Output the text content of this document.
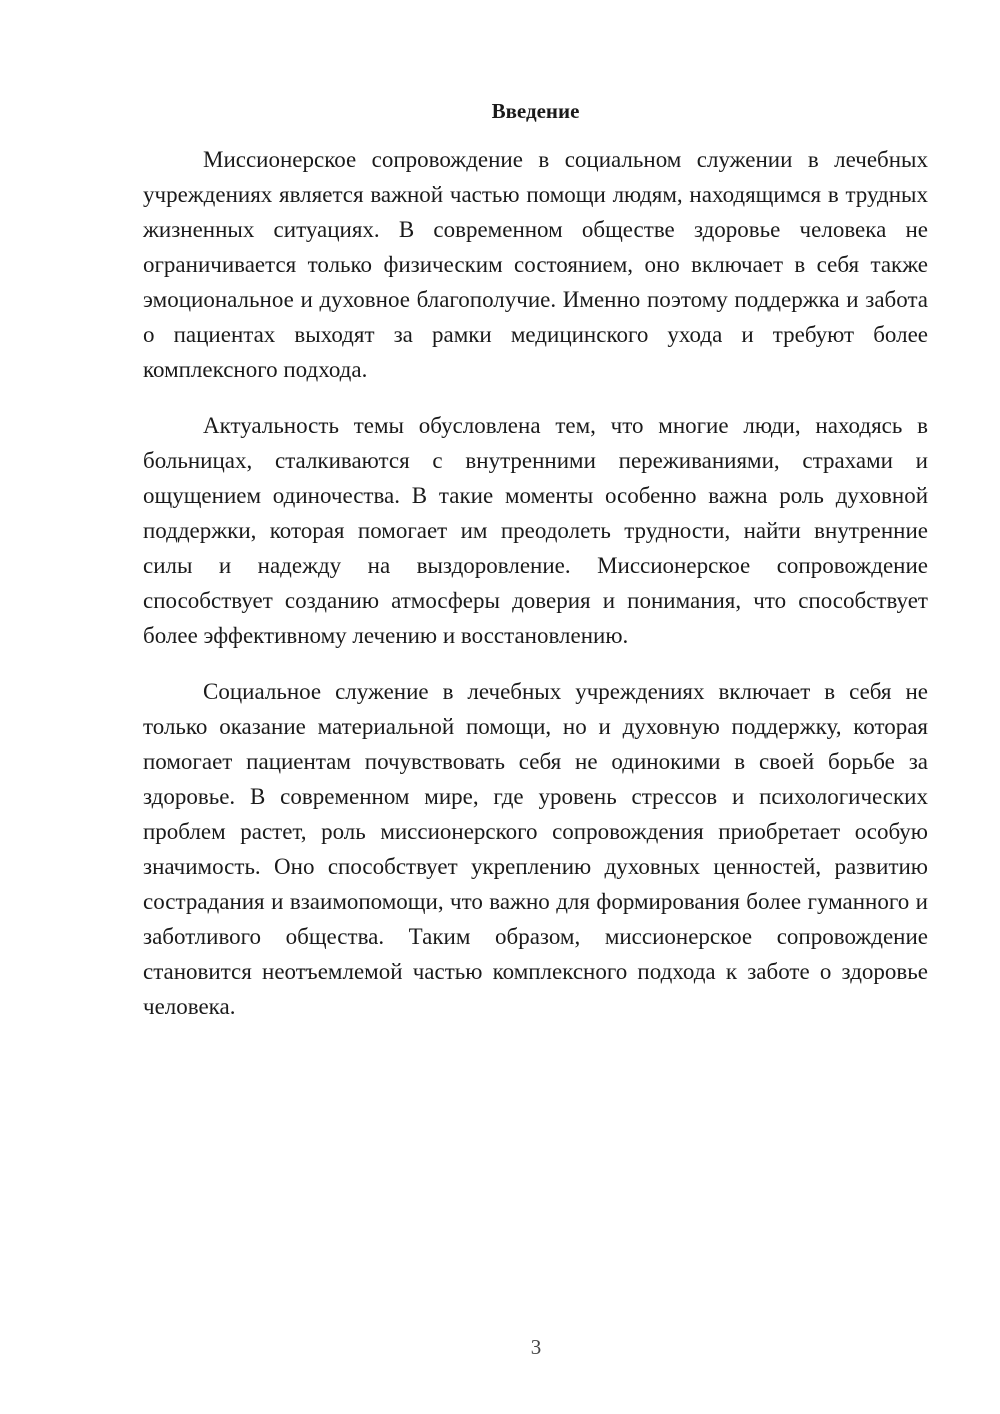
Введение

Миссионерское сопровождение в социальном служении в лечебных учреждениях является важной частью помощи людям, находящимся в трудных жизненных ситуациях. В современном обществе здоровье человека не ограничивается только физическим состоянием, оно включает в себя также эмоциональное и духовное благополучие. Именно поэтому поддержка и забота о пациентах выходят за рамки медицинского ухода и требуют более комплексного подхода.

Актуальность темы обусловлена тем, что многие люди, находясь в больницах, сталкиваются с внутренними переживаниями, страхами и ощущением одиночества. В такие моменты особенно важна роль духовной поддержки, которая помогает им преодолеть трудности, найти внутренние силы и надежду на выздоровление. Миссионерское сопровождение способствует созданию атмосферы доверия и понимания, что способствует более эффективному лечению и восстановлению.

Социальное служение в лечебных учреждениях включает в себя не только оказание материальной помощи, но и духовную поддержку, которая помогает пациентам почувствовать себя не одинокими в своей борьбе за здоровье. В современном мире, где уровень стрессов и психологических проблем растет, роль миссионерского сопровождения приобретает особую значимость. Оно способствует укреплению духовных ценностей, развитию сострадания и взаимопомощи, что важно для формирования более гуманного и заботливого общества. Таким образом, миссионерское сопровождение становится неотъемлемой частью комплексного подхода к заботе о здоровье человека.

3
